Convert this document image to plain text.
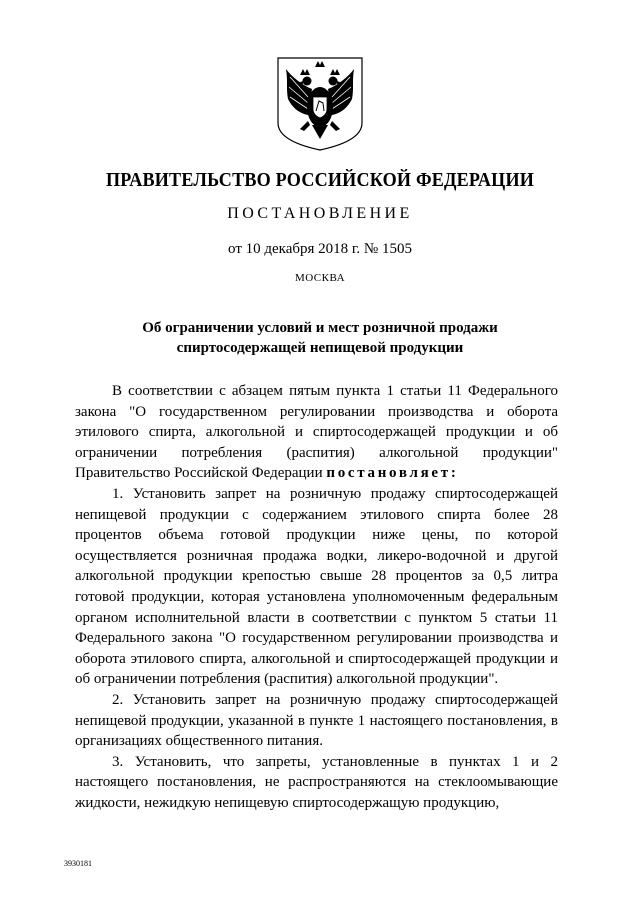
ПРАВИТЕЛЬСТВО РОССИЙСКОЙ ФЕДЕРАЦИИ
ПОСТАНОВЛЕНИЕ
от 10 декабря 2018 г. № 1505
МОСКВА
Об ограничении условий и мест розничной продажи
спиртосодержащей непищевой продукции

В соответствии с абзацем пятым пункта 1 статьи 11 Федерального закона "О государственном регулировании производства и оборота этилового спирта, алкогольной и спиртосодержащей продукции и об ограничении потребления (распития) алкогольной продукции" Правительство Российской Федерации постановляет:

1. Установить запрет на розничную продажу спиртосодержащей непищевой продукции с содержанием этилового спирта более 28 процентов объема готовой продукции ниже цены, по которой осуществляется розничная продажа водки, ликеро-водочной и другой алкогольной продукции крепостью свыше 28 процентов за 0,5 литра готовой продукции, которая установлена уполномоченным федеральным органом исполнительной власти в соответствии с пунктом 5 статьи 11 Федерального закона "О государственном регулировании производства и оборота этилового спирта, алкогольной и спиртосодержащей продукции и об ограничении потребления (распития) алкогольной продукции".

2. Установить запрет на розничную продажу спиртосодержащей непищевой продукции, указанной в пункте 1 настоящего постановления, в организациях общественного питания.

3. Установить, что запреты, установленные в пунктах 1 и 2 настоящего постановления, не распространяются на стеклоомывающие жидкости, нежидкую непищевую спиртосодержащую продукцию,

3930181
